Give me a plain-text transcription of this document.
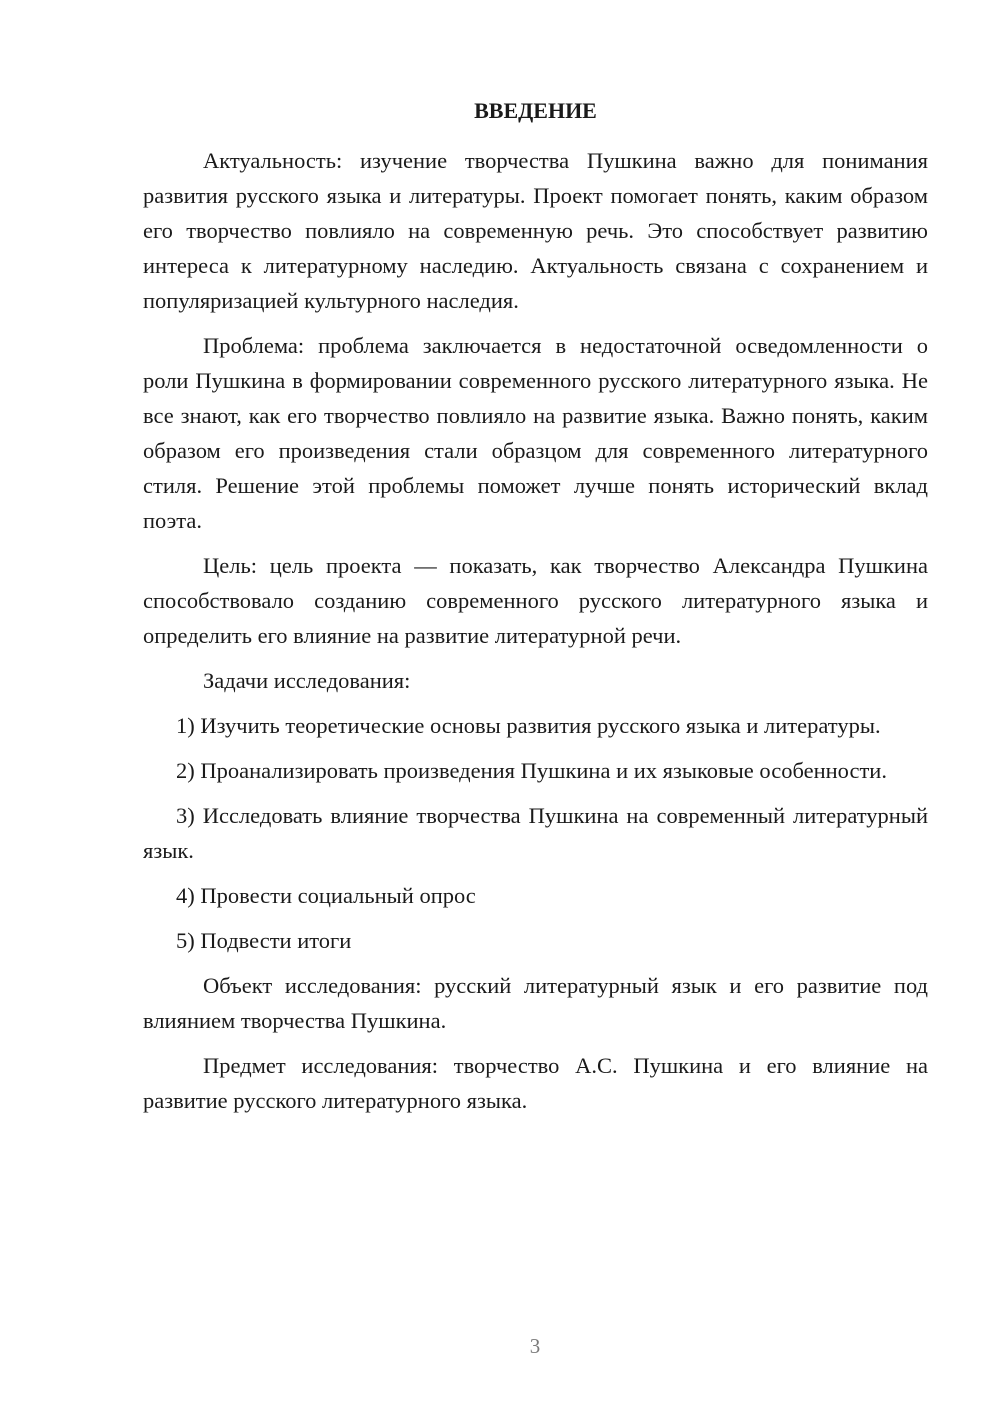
ВВЕДЕНИЕ

Актуальность: изучение творчества Пушкина важно для понимания развития русского языка и литературы. Проект помогает понять, каким образом его творчество повлияло на современную речь. Это способствует развитию интереса к литературному наследию. Актуальность связана с сохранением и популяризацией культурного наследия.

Проблема: проблема заключается в недостаточной осведомленности о роли Пушкина в формировании современного русского литературного языка. Не все знают, как его творчество повлияло на развитие языка. Важно понять, каким образом его произведения стали образцом для современного литературного стиля. Решение этой проблемы поможет лучше понять исторический вклад поэта.

Цель: цель проекта — показать, как творчество Александра Пушкина способствовало созданию современного русского литературного языка и определить его влияние на развитие литературной речи.

Задачи исследования:

1) Изучить теоретические основы развития русского языка и литературы.

2) Проанализировать произведения Пушкина и их языковые особенности.

3) Исследовать влияние творчества Пушкина на современный литературный язык.

4) Провести социальный опрос

5) Подвести итоги

Объект исследования: русский литературный язык и его развитие под влиянием творчества Пушкина.

Предмет исследования: творчество А.С. Пушкина и его влияние на развитие русского литературного языка.

3
